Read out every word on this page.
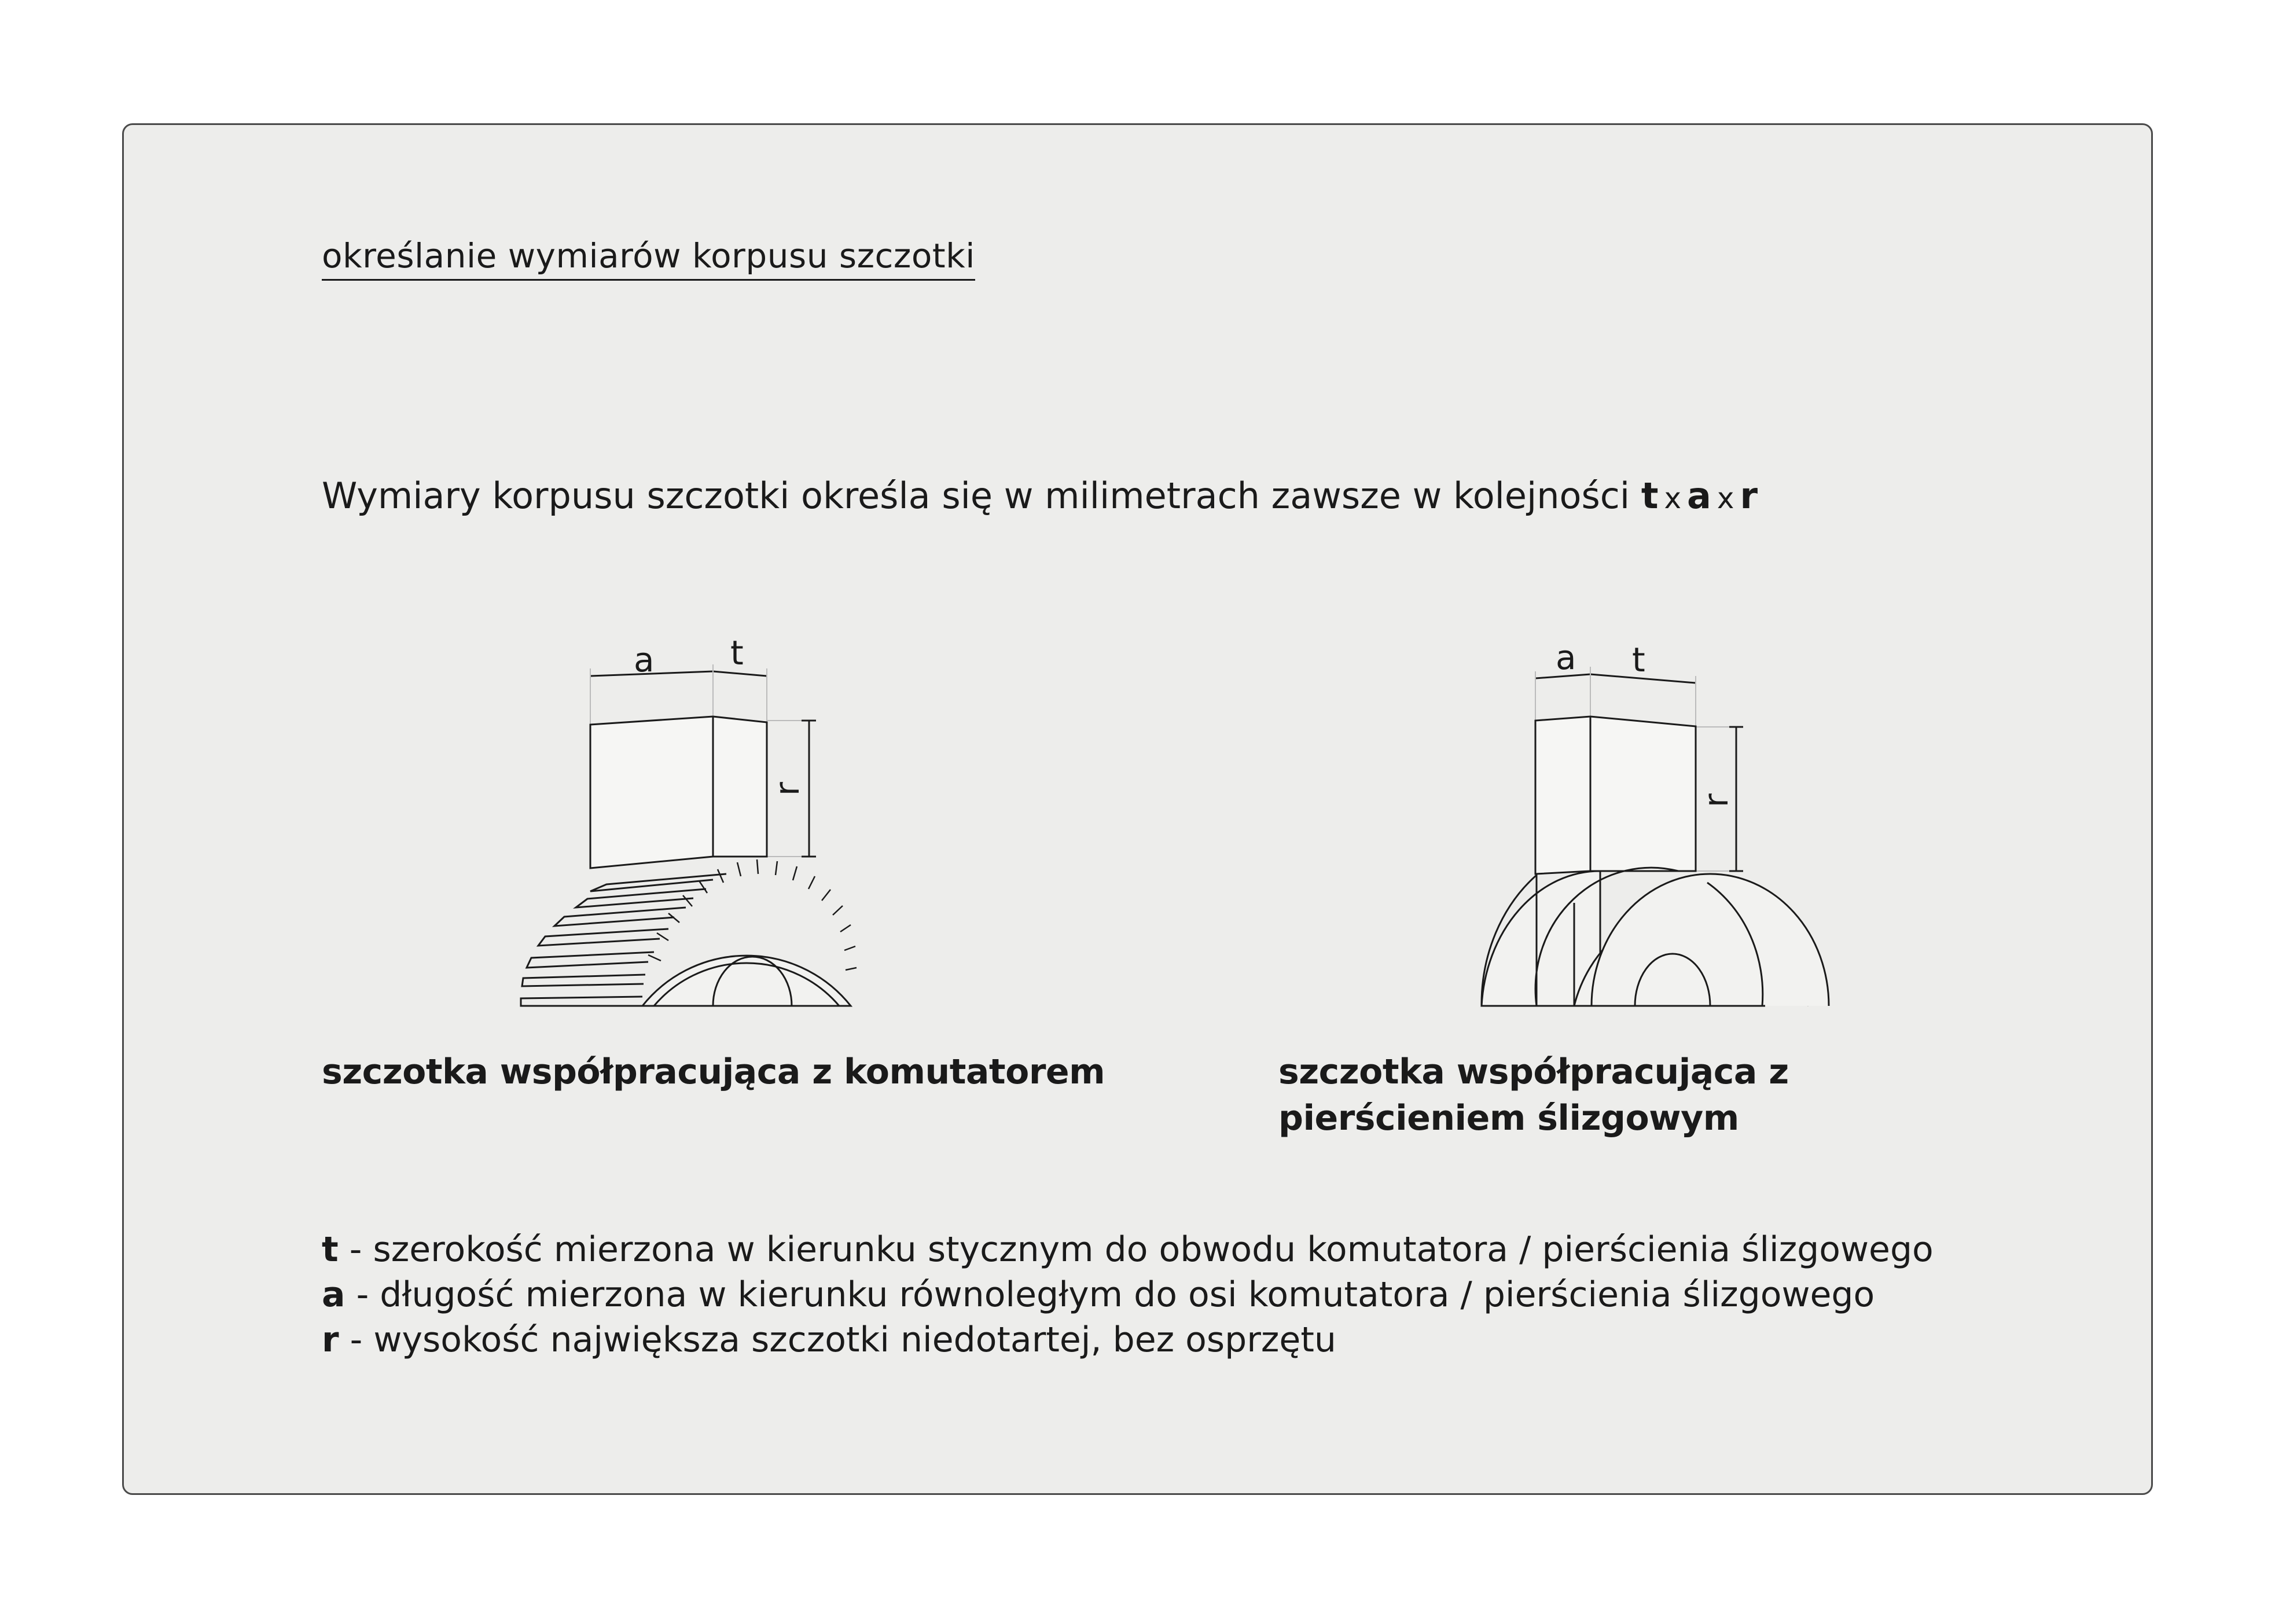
określanie wymiarów korpusu szczotki
Wymiary korpusu szczotki określa się w milimetrach zawsze w kolejności t x a x r
a t
r
a t
r
szczotka współpracująca z komutatorem	szczotka współpracująca z pierścieniem ślizgowym
t - szerokość mierzona w kierunku stycznym do obwodu komutatora / pierścienia ślizgowego
a - długość mierzona w kierunku równoległym do osi komutatora / pierścienia ślizgowego
r - wysokość największa szczotki niedotartej, bez osprzętu
